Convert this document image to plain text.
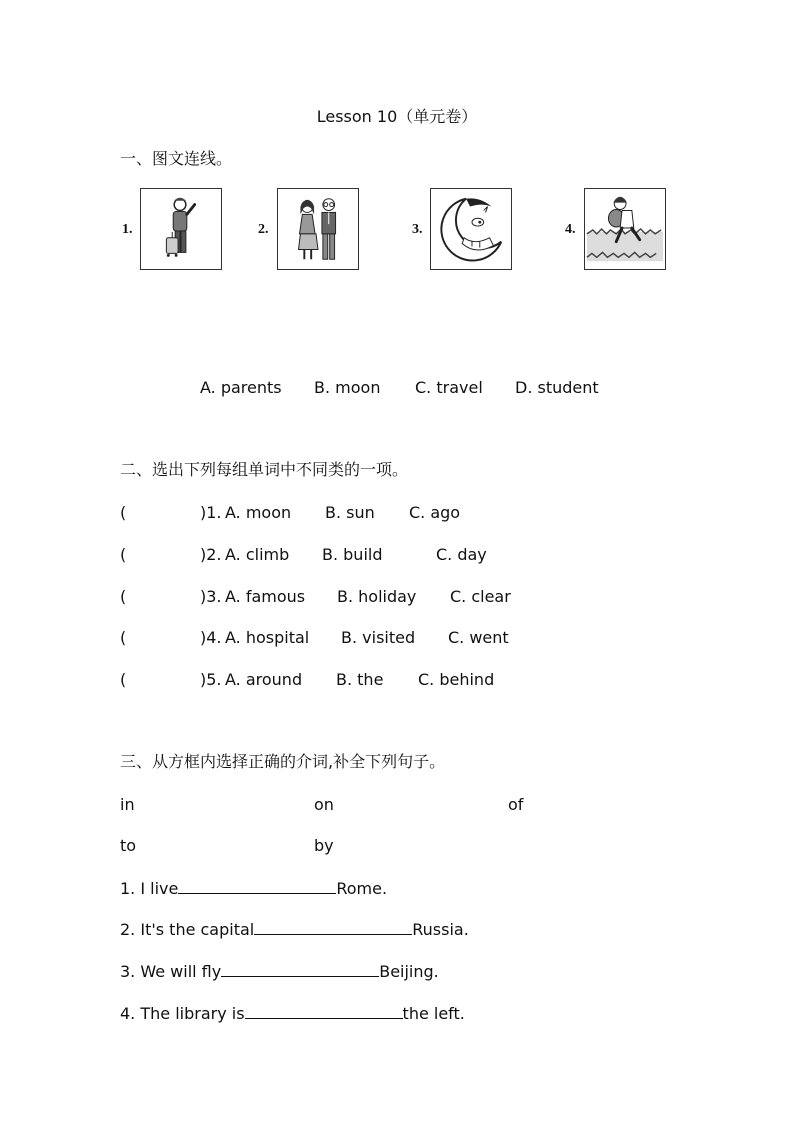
Lesson 10（单元卷）
一、图文连线。
1.	2.	3.	4.
A. parents B. moon C. travel D. student
二、选出下列每组单词中不同类的一项。
(	)1. A. moon B. sun C. ago
(	)2. A. climb B. build	C. day
(	)3. A. famous B. holiday C. clear
(	)4. A. hospital B. visited C. went
(	)5. A. around B. the C. behind
三、从方框内选择正确的介词,补全下列句子。
in	on	of
to	by
1. I live	Rome.
2. It's the capital	Russia.
3. We will fly	Beijing.
4. The library is	the left.
